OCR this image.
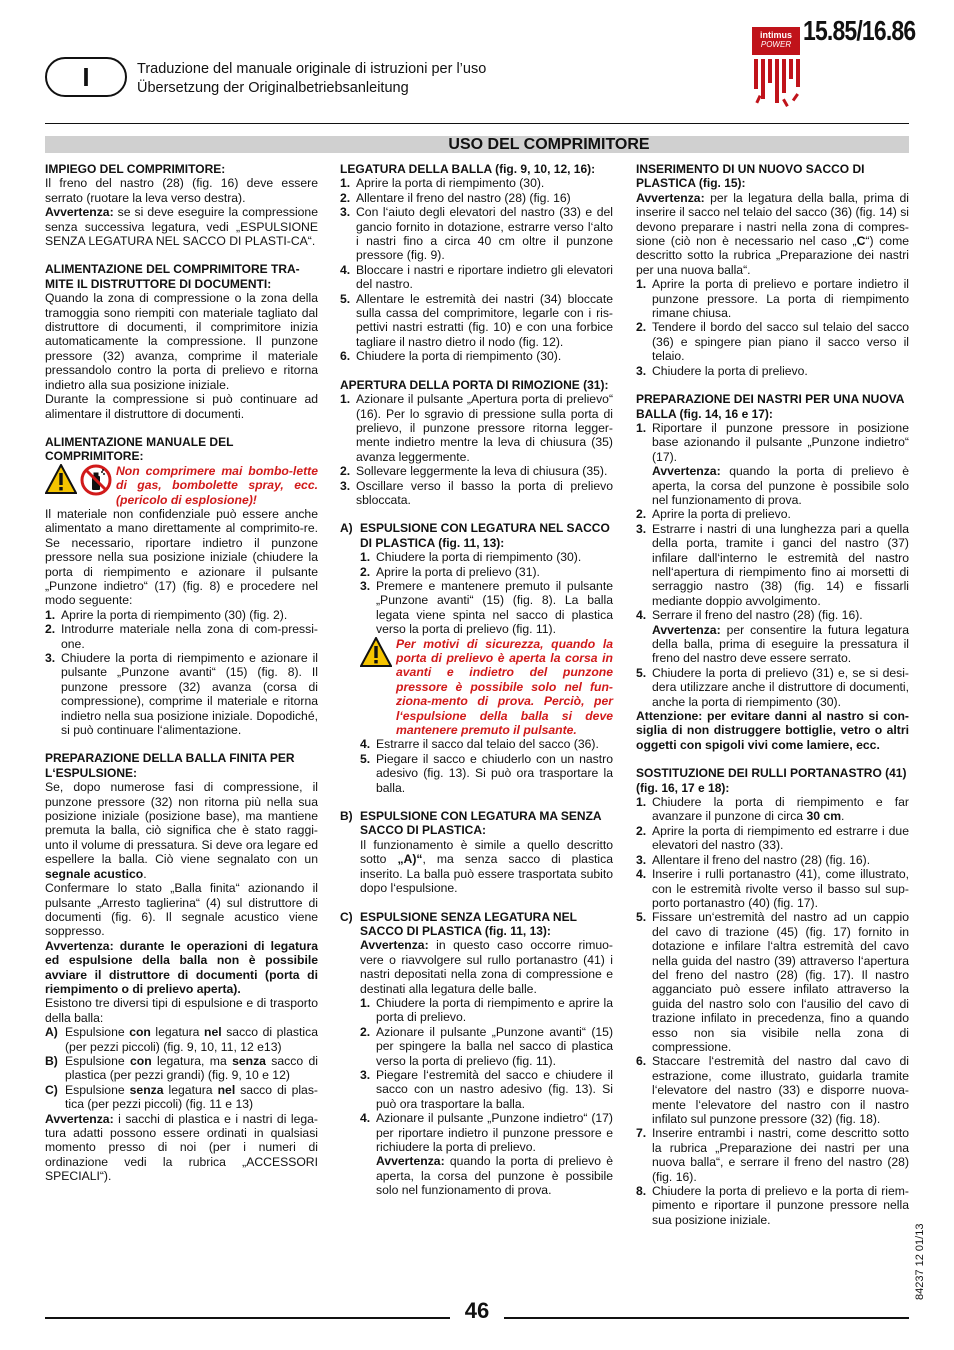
I	Traduzione del manuale originale di istruzioni per l’uso
Übersetzung der Originalbetriebsanleitung
intimus
POWER 15.85/16.86
USO DEL COMPRIMITORE
IMPIEGO DEL COMPRIMITORE:

Il freno del nastro (28) (fig. 16) deve essere serrato (ruotare la leva verso destra).

Avvertenza: se si deve eseguire la compressione senza successiva legatura, vedi „ESPULSIONE SENZA LEGATURA NEL SACCO DI PLASTI-CA“.

ALIMENTAZIONE DEL COMPRIMITORE TRA-MITE IL DISTRUTTORE DI DOCUMENTI:

Quando la zona di compressione o la zona della tramoggia sono riempiti con materiale tagliato dal distruttore di documenti, il comprimitore inizia automaticamente la compressione. Il punzone pressore (32) avanza, comprime il materiale pressandolo contro la porta di prelievo e ritorna indietro alla sua posizione iniziale.

Durante la compressione si può continuare ad alimentare il distruttore di documenti.

ALIMENTAZIONE MANUALE DEL COMPRIMITORE:
Non comprimere mai bombo-lette di gas, bombolette spray, ecc. (pericolo di esplosione)!

Il materiale non confidenziale può essere anche alimentato a mano direttamente al comprimito-re. Se necessario, riportare indietro il punzone pressore nella sua posizione iniziale (chiudere la porta di riempimento e azionare il pulsante „Punzone indietro“ (17) (fig. 8) e procedere nel modo seguente:

1. Aprire la porta di riempimento (30) (fig. 2).
2. Introdurre materiale nella zona di com-pressi-one.
3. Chiudere la porta di riempimento e azionare il pulsante „Punzone avanti“ (15) (fig. 8). Il punzone pressore (32) avanza (corsa di compressione), comprime il materiale e ritorna indietro nella sua posizione iniziale. Dopodiché, si può continuare l‘alimentazione.
PREPARAZIONE DELLA BALLA FINITA PER L‘ESPULSIONE:

Se, dopo numerose fasi di compressione, il punzone pressore (32) non ritorna più nella sua posizione iniziale (posizione base), ma mantiene premuta la balla, ciò significa che è stato raggi-unto il volume di pressatura. Si deve ora legare ed espellere la balla. Ciò viene segnalato con un segnale acustico.

Confermare lo stato „Balla finita“ azionando il pulsante „Arresto taglierina“ (4) sul distruttore di documenti (fig. 6). Il segnale acustico viene soppresso.

Avvertenza: durante le operazioni di legatura ed espulsione della balla non è possibile avviare il distruttore di documenti (porta di riempimento o di prelievo aperta).

Esistono tre diversi tipi di espulsione e di trasporto della balla:

A) Espulsione con legatura nel sacco di plastica (per pezzi piccoli) (fig. 9, 10, 11, 12 e13)
B) Espulsione con legatura, ma senza sacco di plastica (per pezzi grandi) (fig. 9, 10 e 12)
C) Espulsione senza legatura nel sacco di plas-tica (per pezzi piccoli) (fig. 11 e 13)

Avvertenza: i sacchi di plastica e i nastri di lega-tura adatti possono essere ordinati in qualsiasi momento presso di noi (per i numeri di ordinazione vedi la rubrica „ACCESSORI SPECIALI“).

LEGATURA DELLA BALLA (fig. 9, 10, 12, 16):
1. Aprire la porta di riempimento (30).
2. Allentare il freno del nastro (28) (fig. 16)
3. Con l‘aiuto degli elevatori del nastro (33) e del gancio fornito in dotazione, estrarre verso l‘alto i nastri fino a circa 40 cm oltre il punzone pressore (fig. 9).
4. Bloccare i nastri e riportare indietro gli elevatori del nastro.
5. Allentare le estremità dei nastri (34) bloccate sulla cassa del comprimitore, legarle con i ris-pettivi nastri estratti (fig. 10) e con una forbice tagliare il nastro dietro il nodo (fig. 12).
6. Chiudere la porta di riempimento (30).
APERTURA DELLA PORTA DI RIMOZIONE (31):
1. Azionare il pulsante „Apertura porta di prelievo“ (16). Per lo sgravio di pressione sulla porta di prelievo, il punzone pressore ritorna legger-mente indietro mentre la leva di chiusura (35) avanza leggermente.
2. Sollevare leggermente la leva di chiusura (35).
3. Oscillare verso il basso la porta di prelievo sbloccata.
A) ESPULSIONE CON LEGATURA NEL SACCO DI PLASTICA (fig. 11, 13):
1. Chiudere la porta di riempimento (30).
2. Aprire la porta di prelievo (31).
3. Premere e mantenere premuto il pulsante „Punzone avanti“ (15) (fig. 8). La balla legata viene spinta nel sacco di plastica verso la porta di prelievo (fig. 11).
Per motivi di sicurezza, quando la porta di prelievo è aperta la corsa in avanti e indietro del punzone pressore è possibile solo nel fun-ziona-mento di prova. Perciò, per l‘espulsione della balla si deve mantenere premuto il pulsante.
4. Estrarre il sacco dal telaio del sacco (36).
5. Piegare il sacco e chiuderlo con un nastro adesivo (fig. 13). Si può ora trasportare la balla.
B) ESPULSIONE CON LEGATURA MA SENZA SACCO DI PLASTICA:

Il funzionamento è simile a quello descritto sotto „A)“, ma senza sacco di plastica inserito. La balla può essere trasportata subito dopo l‘espulsione.

C) ESPULSIONE SENZA LEGATURA NEL SACCO DI PLASTICA (fig. 11, 13):

Avvertenza: in questo caso occorre rimuo-vere o riavvolgere sul rullo portanastro (41) i nastri depositati nella zona di compressione e destinati alla legatura delle balle.

1. Chiudere la porta di riempimento e aprire la porta di prelievo.
2. Azionare il pulsante „Punzone avanti“ (15) per spingere la balla nel sacco di plastica verso la porta di prelievo (fig. 11).
3. Piegare l‘estremità del sacco e chiudere il sacco con un nastro adesivo (fig. 13). Si può ora trasportare la balla.
4. Azionare il pulsante „Punzone indietro“ (17) per riportare indietro il punzone pressore e richiudere la porta di prelievo.
Avvertenza: quando la porta di prelievo è aperta, la corsa del punzone è possibile solo nel funzionamento di prova.
INSERIMENTO DI UN NUOVO SACCO DI PLASTICA (fig. 15):

Avvertenza: per la legatura della balla, prima di inserire il sacco nel telaio del sacco (36) (fig. 14) si devono preparare i nastri nella zona di compres-sione (ciò non è necessario nel caso „C“) come descritto sotto la rubrica „Preparazione dei nastri per una nuova balla“.

1. Aprire la porta di prelievo e portare indietro il punzone pressore. La porta di riempimento rimane chiusa.
2. Tendere il bordo del sacco sul telaio del sacco (36) e spingere pian piano il sacco verso il telaio.
3. Chiudere la porta di prelievo.
PREPARAZIONE DEI NASTRI PER UNA NUOVA BALLA (fig. 14, 16 e 17):
1. Riportare il punzone pressore in posizione base azionando il pulsante „Punzone indietro“ (17).
Avvertenza: quando la porta di prelievo è aperta, la corsa del punzone è possibile solo nel funzionamento di prova.
2. Aprire la porta di prelievo.
3. Estrarre i nastri di una lunghezza pari a quella della porta, tramite i ganci del nastro (37) infilare dall‘interno le estremità del nastro nell‘apertura di riempimento fino ai morsetti di serraggio nastro (38) (fig. 14) e fissarli mediante doppio avvolgimento.
4. Serrare il freno del nastro (28) (fig. 16).
Avvertenza: per consentire la futura legatura della balla, prima di eseguire la pressatura il freno del nastro deve essere serrato.
5. Chiudere la porta di prelievo (31) e, se si desi-dera utilizzare anche il distruttore di documenti, anche la porta di riempimento (30).

Attenzione: per evitare danni al nastro si con-siglia di non distruggere bottiglie, vetro o altri oggetti con spigoli vivi come lamiere, ecc.

SOSTITUZIONE DEI RULLI PORTANASTRO (41) (fig. 16, 17 e 18):
1. Chiudere la porta di riempimento e far avanzare il punzone di circa 30 cm.
2. Aprire la porta di riempimento ed estrarre i due elevatori del nastro (33).
3. Allentare il freno del nastro (28) (fig. 16).
4. Inserire i rulli portanastro (41), come illustrato, con le estremità rivolte verso il basso sul sup-porto portanastro (40) (fig. 17).
5. Fissare un‘estremità del nastro ad un cappio del cavo di trazione (45) (fig. 17) fornito in dotazione e infilare l‘altra estremità del cavo nella guida del nastro (39) attraverso l‘apertura del freno del nastro (28) (fig. 17). Il nastro agganciato può essere infilato attraverso la guida del nastro solo con l‘ausilio del cavo di trazione infilato in precedenza, fino a quando esso non sia visibile nella zona di compressione.
6. Staccare l‘estremità del nastro dal cavo di estrazione, come illustrato, guidarla tramite l‘elevatore del nastro (33) e disporre nuova-mente l‘elevatore del nastro con il nastro infilato sul punzone pressore (32) (fig. 18).
7. Inserire entrambi i nastri, come descritto sotto la rubrica „Preparazione dei nastri per una nuova balla“, e serrare il freno del nastro (28) (fig. 16).
8. Chiudere la porta di prelievo e la porta di riem-pimento e riportare il punzone pressore nella sua posizione iniziale.
84237 12 01/13
46
